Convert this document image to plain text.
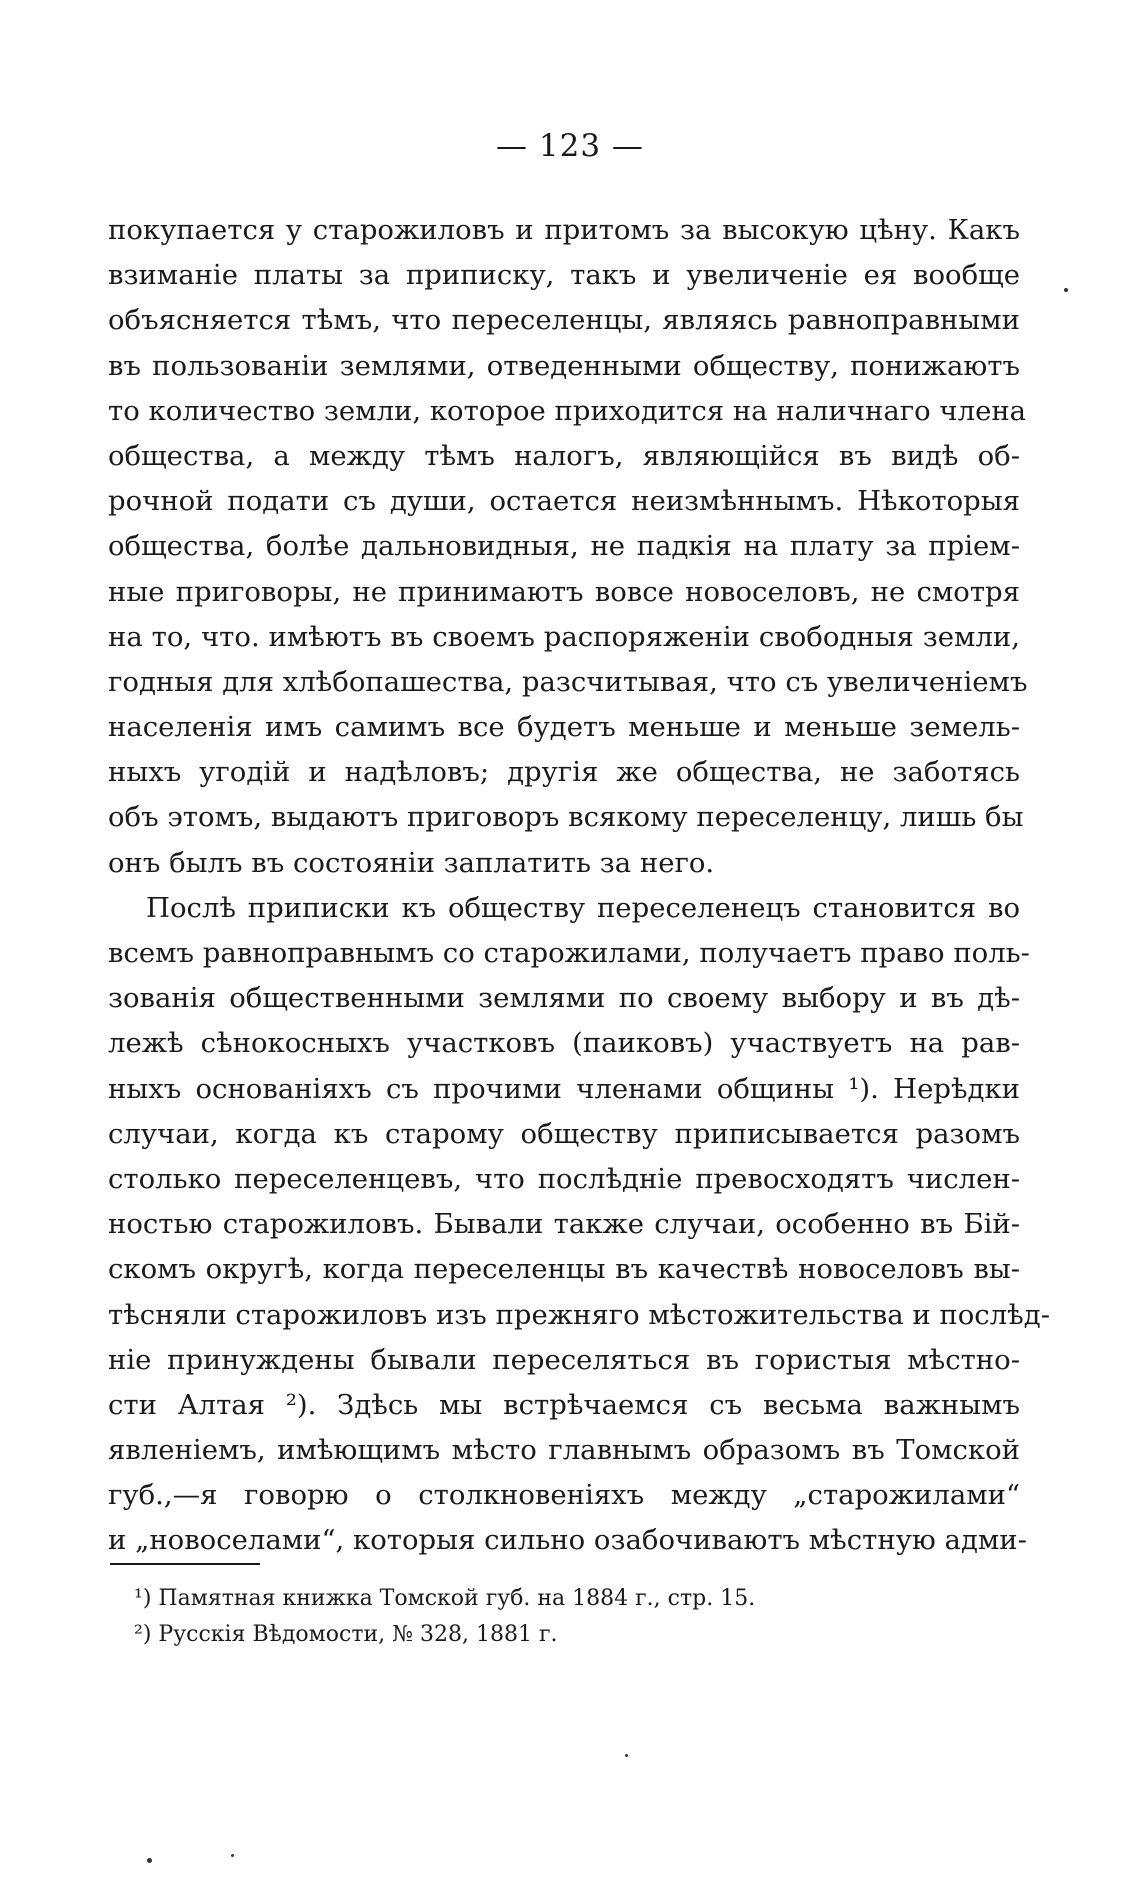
— 123 —
покупается у старожиловъ и притомъ за высокую цѣну. Какъ
взиманіе платы за приписку, такъ и увеличеніе ея вообще
объясняется тѣмъ, что переселенцы, являясь равноправными
въ пользованіи землями, отведенными обществу, понижаютъ
то количество земли, которое приходится на наличнаго члена
общества, а между тѣмъ налогъ, являющійся въ видѣ об-
рочной подати съ души, остается неизмѣннымъ. Нѣкоторыя
общества, болѣе дальновидныя, не падкія на плату за пріем-
ные приговоры, не принимаютъ вовсе новоселовъ, не смотря
на то, что. имѣютъ въ своемъ распоряженіи свободныя земли,
годныя для хлѣбопашества, разсчитывая, что съ увеличеніемъ
населенія имъ самимъ все будетъ меньше и меньше земель-
ныхъ угодій и надѣловъ; другія же общества, не заботясь
объ этомъ, выдаютъ приговоръ всякому переселенцу, лишь бы
онъ былъ въ состояніи заплатить за него.
Послѣ приписки къ обществу переселенецъ становится во
всемъ равноправнымъ со старожилами, получаетъ право поль-
зованія общественными землями по своему выбору и въ дѣ-
лежѣ сѣнокосныхъ участковъ (паиковъ) участвуетъ на рав-
ныхъ основаніяхъ съ прочими членами общины ¹). Нерѣдки
случаи, когда къ старому обществу приписывается разомъ
столько переселенцевъ, что послѣдніе превосходятъ числен-
ностью старожиловъ. Бывали также случаи, особенно въ Бій-
скомъ округѣ, когда переселенцы въ качествѣ новоселовъ вы-
тѣсняли старожиловъ изъ прежняго мѣстожительства и послѣд-
ніе принуждены бывали переселяться въ гористыя мѣстно-
сти Алтая ²). Здѣсь мы встрѣчаемся съ весьма важнымъ
явленіемъ, имѣющимъ мѣсто главнымъ образомъ въ Томской
губ.,—я говорю о столкновеніяхъ между „старожилами“
и „новоселами“, которыя сильно озабочиваютъ мѣстную адми-
¹) Памятная книжка Томской губ. на 1884 г., стр. 15.
²) Русскія Вѣдомости, № 328, 1881 г.
